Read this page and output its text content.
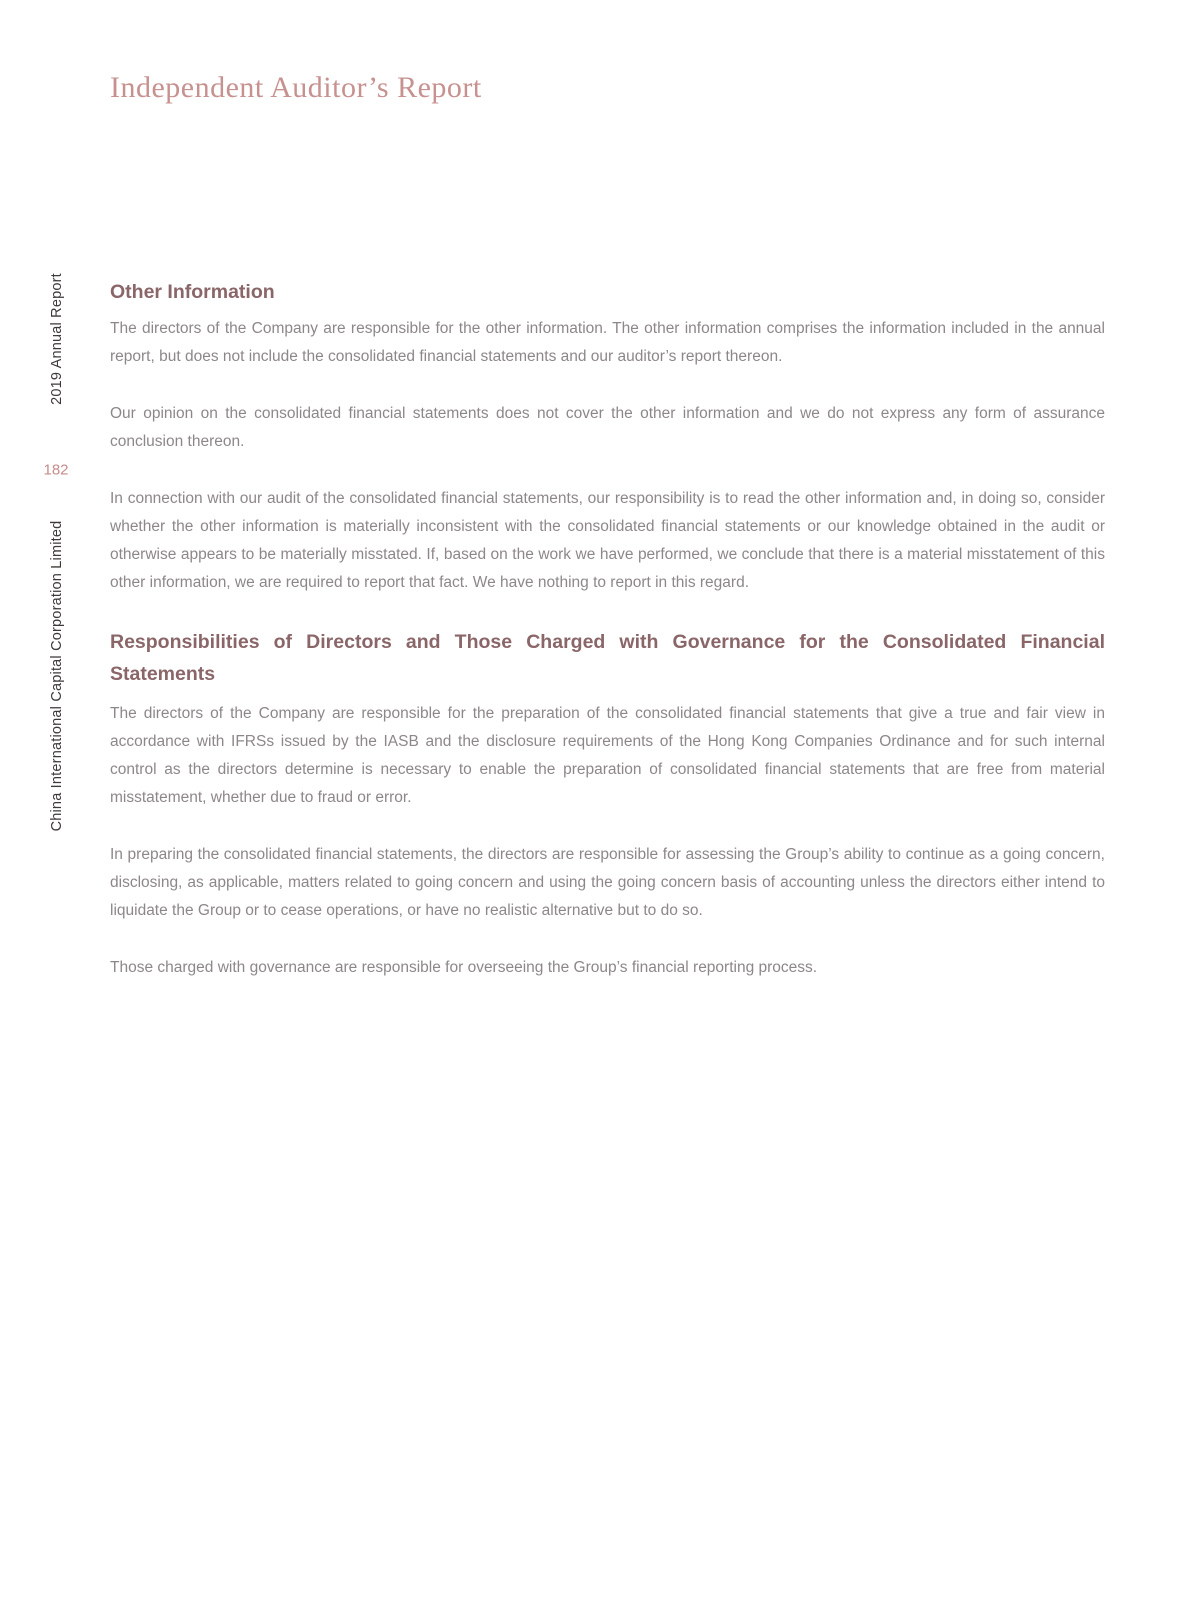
2019 Annual Report
182
China International Capital Corporation Limited
Independent Auditor’s Report
Other Information

The directors of the Company are responsible for the other information. The other information comprises the information included in the annual report, but does not include the consolidated financial statements and our auditor’s report thereon.

Our opinion on the consolidated financial statements does not cover the other information and we do not express any form of assurance conclusion thereon.

In connection with our audit of the consolidated financial statements, our responsibility is to read the other information and, in doing so, consider whether the other information is materially inconsistent with the consolidated financial statements or our knowledge obtained in the audit or otherwise appears to be materially misstated. If, based on the work we have performed, we conclude that there is a material misstatement of this other information, we are required to report that fact. We have nothing to report in this regard.

Responsibilities of Directors and Those Charged with Governance for the Consolidated Financial Statements

The directors of the Company are responsible for the preparation of the consolidated financial statements that give a true and fair view in accordance with IFRSs issued by the IASB and the disclosure requirements of the Hong Kong Companies Ordinance and for such internal control as the directors determine is necessary to enable the preparation of consolidated financial statements that are free from material misstatement, whether due to fraud or error.

In preparing the consolidated financial statements, the directors are responsible for assessing the Group’s ability to continue as a going concern, disclosing, as applicable, matters related to going concern and using the going concern basis of accounting unless the directors either intend to liquidate the Group or to cease operations, or have no realistic alternative but to do so.

Those charged with governance are responsible for overseeing the Group’s financial reporting process.
